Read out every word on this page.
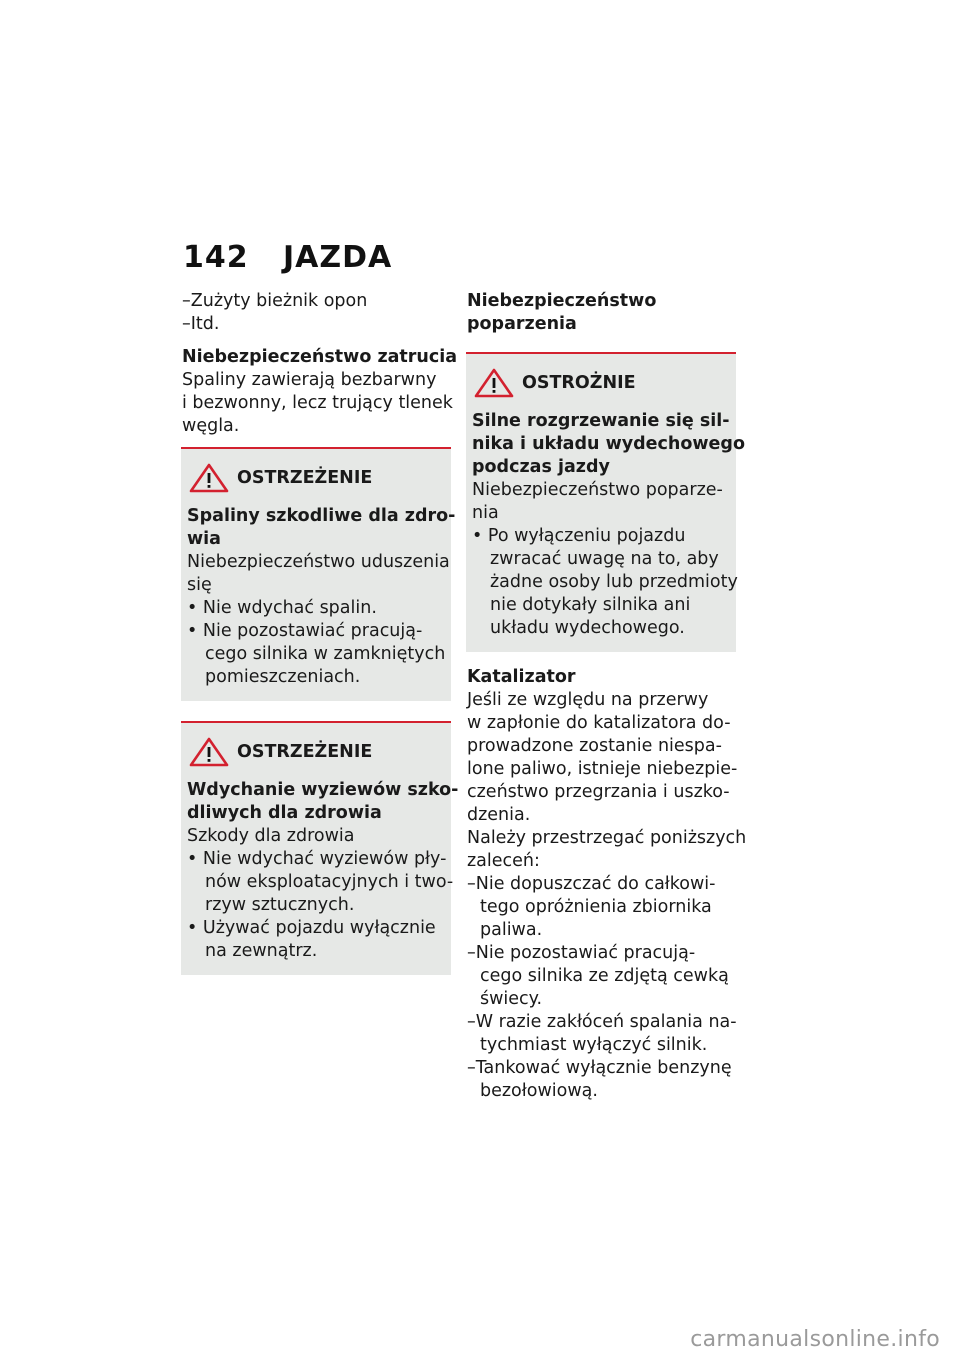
142 JAZDA
–Zużyty bieżnik opon
–Itd.
Niebezpieczeństwo zatrucia
Spaliny zawierają bezbarwny
i bezwonny, lecz trujący tlenek
węgla.
OSTRZEŻENIE
Spaliny szkodliwe dla zdro-
wia
Niebezpieczeństwo uduszenia
się
• Nie wdychać spalin.
• Nie pozostawiać pracują-
cego silnika w zamkniętych
pomieszczeniach.
OSTRZEŻENIE
Wdychanie wyziewów szko-
dliwych dla zdrowia
Szkody dla zdrowia
• Nie wdychać wyziewów pły-
nów eksploatacyjnych i two-
rzyw sztucznych.
• Używać pojazdu wyłącznie
na zewnątrz.
Niebezpieczeństwo
poparzenia
OSTROŻNIE
Silne rozgrzewanie się sil-
nika i układu wydechowego
podczas jazdy
Niebezpieczeństwo poparze-
nia
• Po wyłączeniu pojazdu
zwracać uwagę na to, aby
żadne osoby lub przedmioty
nie dotykały silnika ani
układu wydechowego.
Katalizator
Jeśli ze względu na przerwy
w zapłonie do katalizatora do-
prowadzone zostanie niespa-
lone paliwo, istnieje niebezpie-
czeństwo przegrzania i uszko-
dzenia.
Należy przestrzegać poniższych
zaleceń:
–Nie dopuszczać do całkowi-
tego opróżnienia zbiornika
paliwa.
–Nie pozostawiać pracują-
cego silnika ze zdjętą cewką
świecy.
–W razie zakłóceń spalania na-
tychmiast wyłączyć silnik.
–Tankować wyłącznie benzynę
bezołowiową.
carmanualsonline.info
